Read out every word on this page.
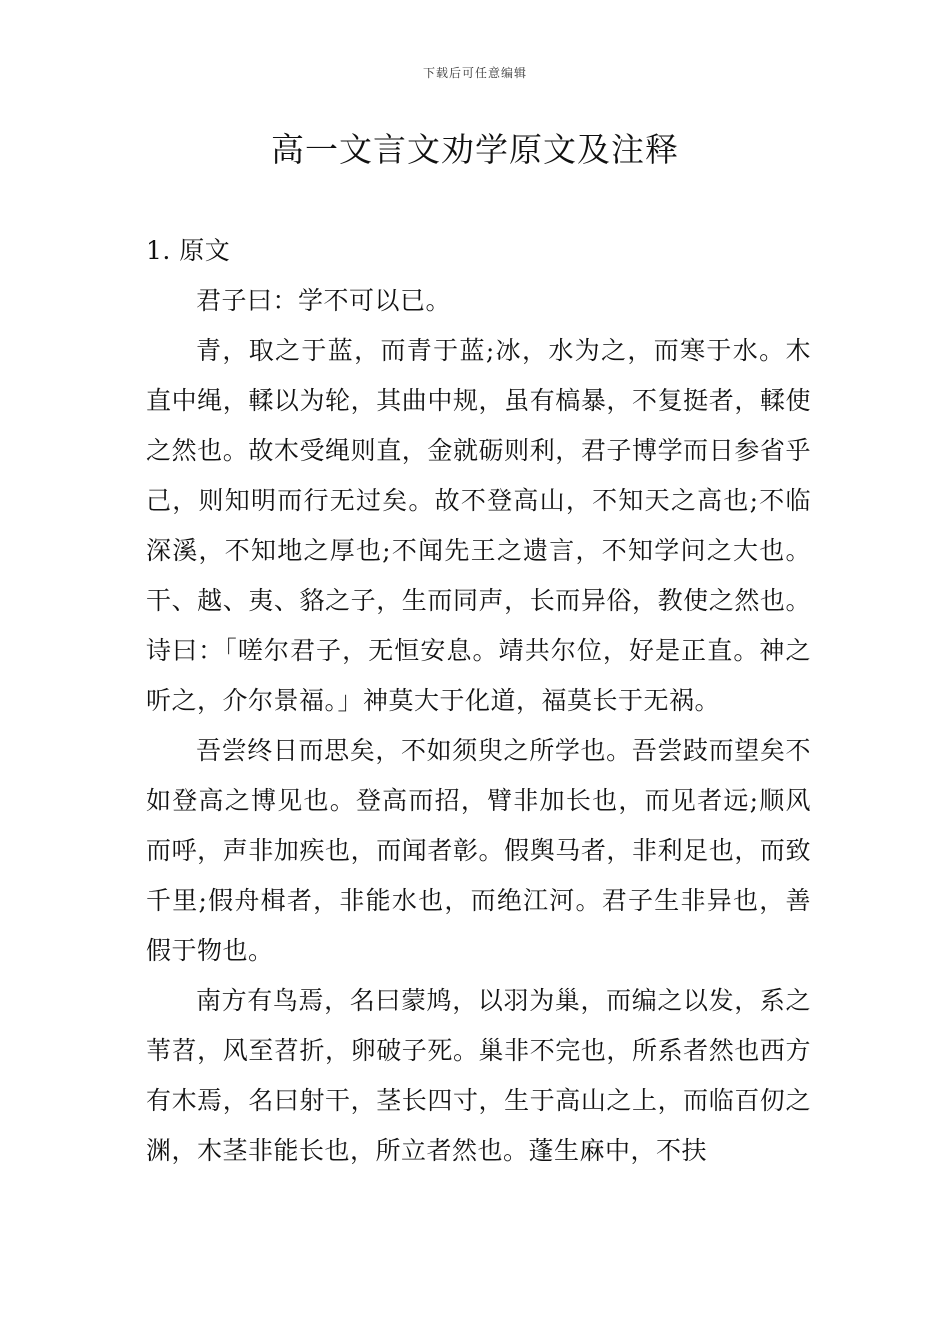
下载后可任意编辑
高一文言文劝学原文及注释

1. 原文

君子曰：学不可以已。

青，取之于蓝，而青于蓝;冰，水为之，而寒于水。木直中绳，輮以为轮，其曲中规，虽有槁暴，不复挺者，輮使之然也。故木受绳则直，金就砺则利，君子博学而日参省乎己，则知明而行无过矣。故不登高山，不知天之高也;不临深溪，不知地之厚也;不闻先王之遗言，不知学问之大也。干、越、夷、貉之子，生而同声，长而异俗，教使之然也。诗曰：「嗟尔君子，无恒安息。靖共尔位，好是正直。神之听之，介尔景福。」神莫大于化道，福莫长于无祸。

吾尝终日而思矣，不如须臾之所学也。吾尝跂而望矣不如登高之博见也。登高而招，臂非加长也，而见者远;顺风而呼，声非加疾也，而闻者彰。假舆马者，非利足也，而致千里;假舟楫者，非能水也，而绝江河。君子生非异也，善假于物也。

南方有鸟焉，名曰蒙鸠，以羽为巢，而编之以发，系之苇苕，风至苕折，卵破子死。巢非不完也，所系者然也西方有木焉，名曰射干，茎长四寸，生于高山之上，而临百仞之渊，木茎非能长也，所立者然也。蓬生麻中，不扶
